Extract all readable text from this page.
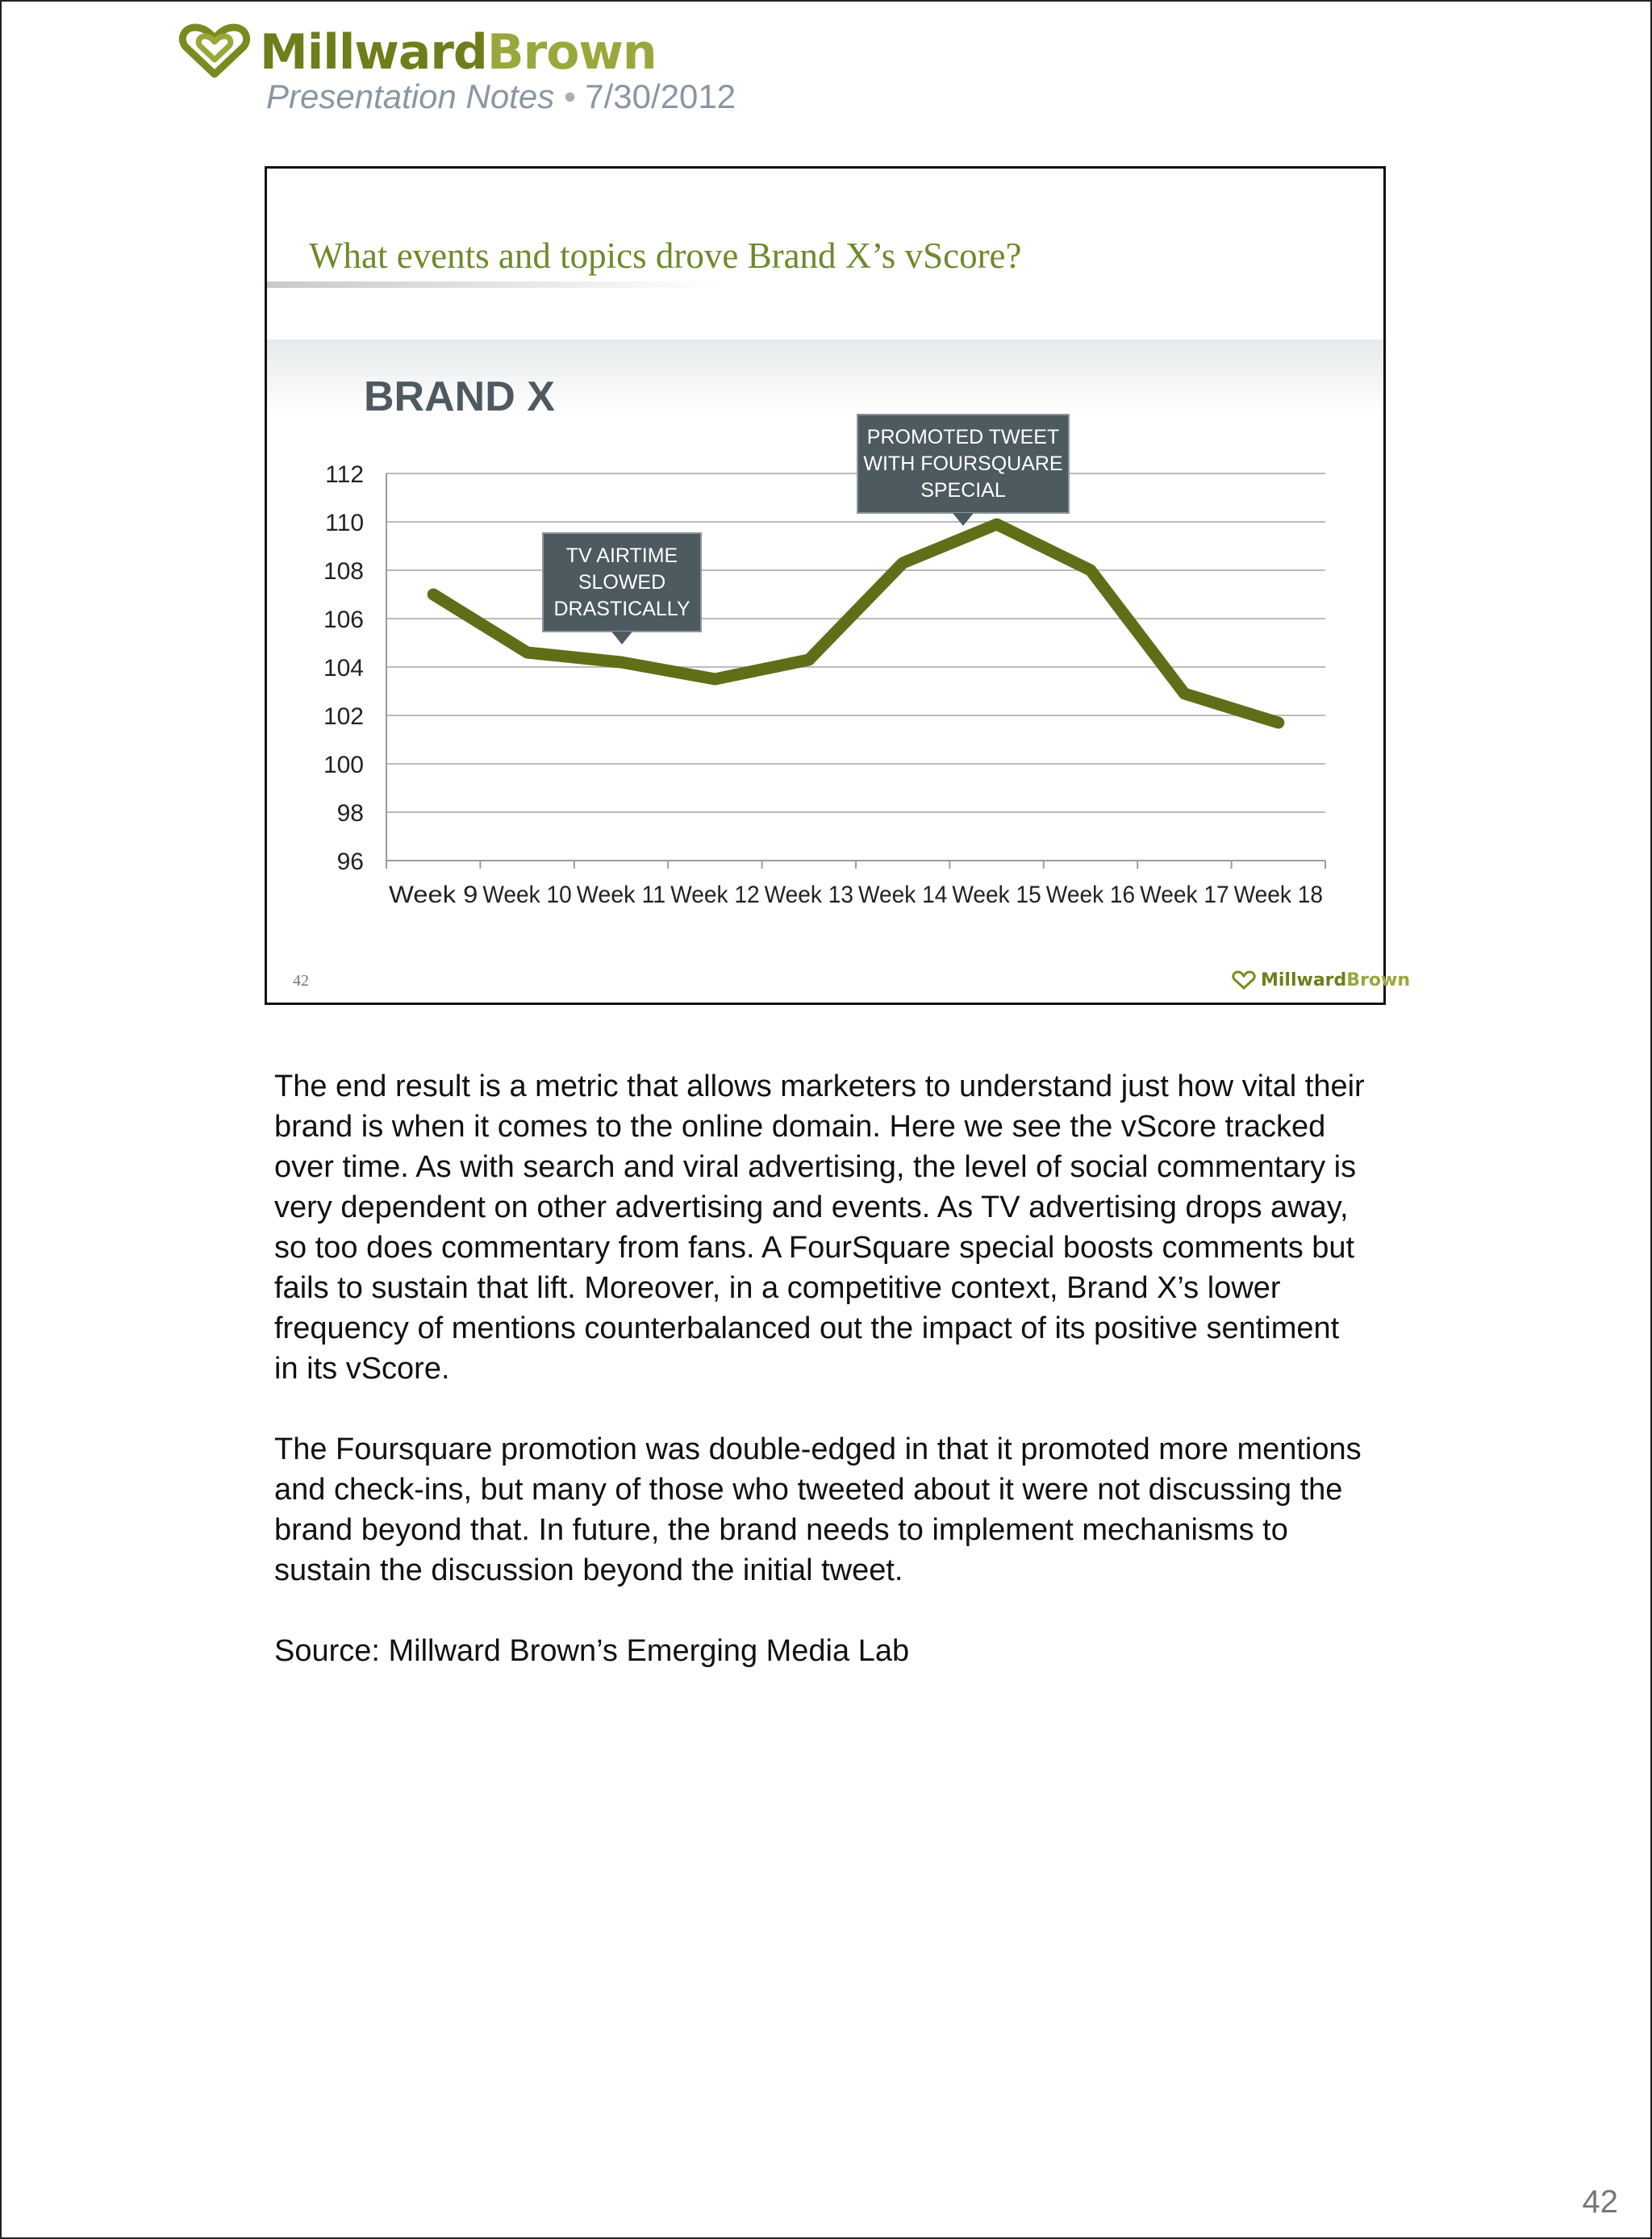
MillwardBrown
Presentation Notes • 7/30/2012
What events and topics drove Brand X’s vScore?
BRAND X
96
98
100
102
104
106
108
110
112
Week 9 Week 10 Week 11 Week 12 Week 13 Week 14 Week 15 Week 16 Week 17 Week 18
TV AIRTIME
SLOWED
DRASTICALLY
PROMOTED TWEET
WITH FOURSQUARE
SPECIAL
42	Millward Brown

The end result is a metric that allows marketers to understand just how vital their brand is when it comes to the online domain. Here we see the vScore tracked over time. As with search and viral advertising, the level of social commentary is very dependent on other advertising and events. As TV advertising drops away, so too does commentary from fans. A FourSquare special boosts comments but fails to sustain that lift. Moreover, in a competitive context, Brand X’s lower frequency of mentions counterbalanced out the impact of its positive sentiment in its vScore.

The Foursquare promotion was double-edged in that it promoted more mentions and check-ins, but many of those who tweeted about it were not discussing the brand beyond that. In future, the brand needs to implement mechanisms to sustain the discussion beyond the initial tweet.

Source: Millward Brown’s Emerging Media Lab

42
